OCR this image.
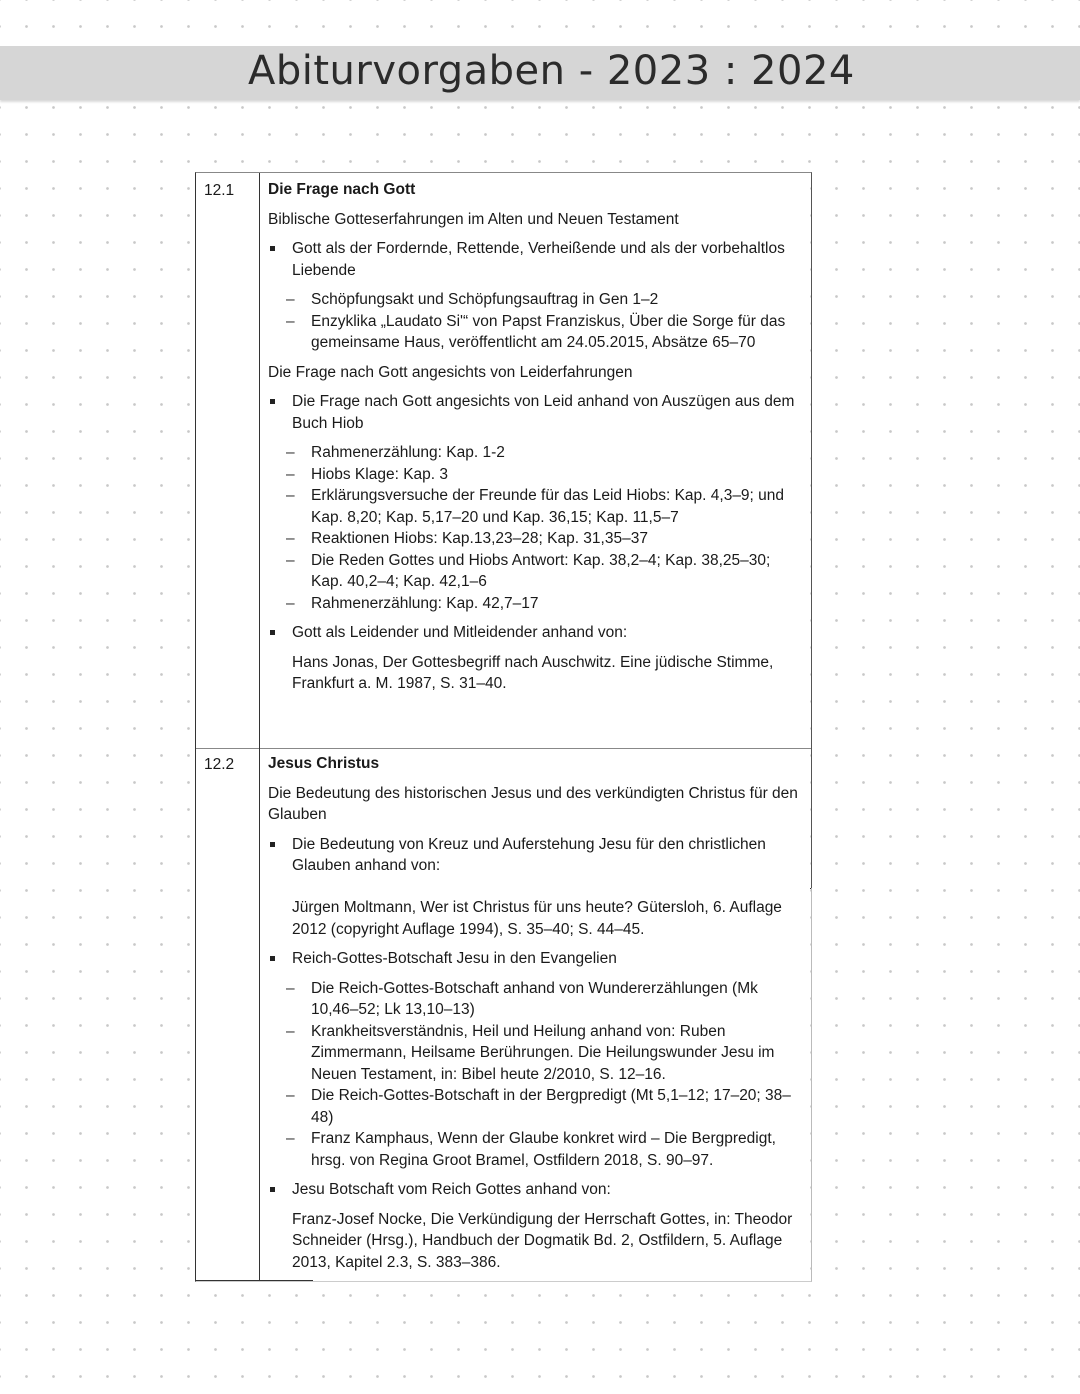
Abiturvorgaben - 2023 : 2024
12.1 Die Frage nach Gott

Biblische Gotteserfahrungen im Alten und Neuen Testament

Gott als der Fordernde, Rettende, Verheißende und als der vorbehaltlos Liebende

– Schöpfungsakt und Schöpfungsauftrag in Gen 1–2

– Enzyklika „Laudato Si'“ von Papst Franziskus, Über die Sorge für das gemeinsame Haus, veröffentlicht am 24.05.2015, Absätze 65–70

Die Frage nach Gott angesichts von Leiderfahrungen

Die Frage nach Gott angesichts von Leid anhand von Auszügen aus dem Buch Hiob

– Rahmenerzählung: Kap. 1-2

– Hiobs Klage: Kap. 3

– Erklärungsversuche der Freunde für das Leid Hiobs: Kap. 4,3–9; und Kap. 8,20; Kap. 5,17–20 und Kap. 36,15; Kap. 11,5–7

– Reaktionen Hiobs: Kap.13,23–28; Kap. 31,35–37

– Die Reden Gottes und Hiobs Antwort: Kap. 38,2–4; Kap. 38,25–30; Kap. 40,2–4; Kap. 42,1–6

– Rahmenerzählung: Kap. 42,7–17

Gott als Leidender und Mitleidender anhand von:

Hans Jonas, Der Gottesbegriff nach Auschwitz. Eine jüdische Stimme, Frankfurt a. M. 1987, S. 31–40.

12.2 Jesus Christus

Die Bedeutung des historischen Jesus und des verkündigten Christus für den Glauben

Die Bedeutung von Kreuz und Auferstehung Jesu für den christlichen Glauben anhand von:

Jürgen Moltmann, Wer ist Christus für uns heute? Gütersloh, 6. Auflage 2012 (copyright Auflage 1994), S. 35–40; S. 44–45.

Reich-Gottes-Botschaft Jesu in den Evangelien

– Die Reich-Gottes-Botschaft anhand von Wundererzählungen (Mk 10,46–52; Lk 13,10–13)

– Krankheitsverständnis, Heil und Heilung anhand von: Ruben Zimmermann, Heilsame Berührungen. Die Heilungswunder Jesu im Neuen Testament, in: Bibel heute 2/2010, S. 12–16.

– Die Reich-Gottes-Botschaft in der Bergpredigt (Mt 5,1–12; 17–20; 38–48)

– Franz Kamphaus, Wenn der Glaube konkret wird – Die Bergpredigt, hrsg. von Regina Groot Bramel, Ostfildern 2018, S. 90–97.

Jesu Botschaft vom Reich Gottes anhand von:

Franz-Josef Nocke, Die Verkündigung der Herrschaft Gottes, in: Theodor Schneider (Hrsg.), Handbuch der Dogmatik Bd. 2, Ostfildern, 5. Auflage 2013, Kapitel 2.3, S. 383–386.
